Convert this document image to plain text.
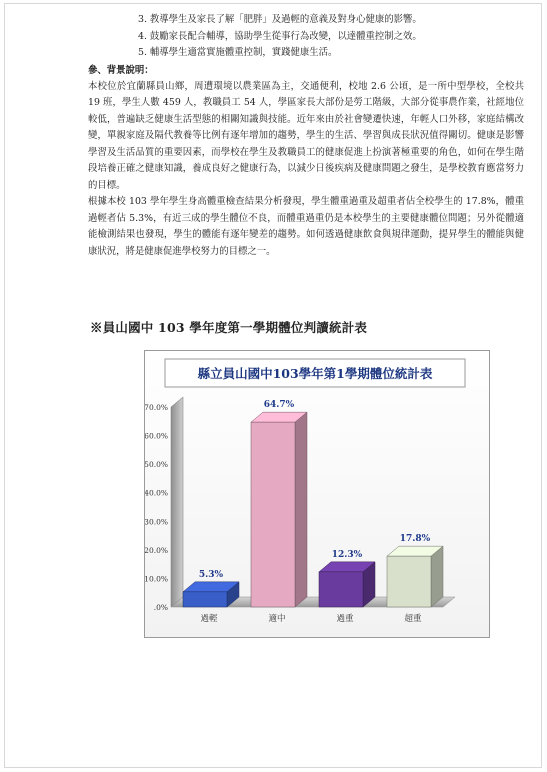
3. 教導學生及家長了解「肥胖」及過輕的意義及對身心健康的影響。
4. 鼓勵家長配合輔導，協助學生從事行為改變，以達體重控制之效。
5. 輔導學生適當實施體重控制，實踐健康生活。
參、背景說明：
本校位於宜蘭縣員山鄉，周遭環境以農業區為主，交通便利，校地 2.6 公頃，是一所中型學校，全校共 19 班，學生人數 459 人，教職員工 54 人，學區家長大部份是勞工階級，大部分從事農作業，社經地位較低，普遍缺乏健康生活型態的相關知識與技能。近年來由於社會變遷快速，年輕人口外移，家庭結構改變，單親家庭及隔代教養等比例有逐年增加的趨勢，學生的生活、學習與成長狀況值得關切。健康是影響學習及生活品質的重要因素，而學校在學生及教職員工的健康促進上扮演著極重要的角色，如何在學生階段培養正確之健康知識，養成良好之健康行為，以減少日後疾病及健康問題之發生，是學校教育應當努力的目標。
根據本校 103 學年學生身高體重檢查結果分析發現，學生體重過重及超重者佔全校學生的 17.8%，體重過輕者佔 5.3%，有近三成的學生體位不良，而體重過重仍是本校學生的主要健康體位問題；另外從體適能檢測結果也發現，學生的體能有逐年變差的趨勢。如何透過健康飲食與規律運動，提昇學生的體能與健康狀況，將是健康促進學校努力的目標之一。
※員山國中 103 學年度第一學期體位判讀統計表
縣立員山國中103學年第1學期體位統計表
.0%
10.0%
20.0%
30.0%
40.0%
50.0%
60.0%
70.0%
5.3%
過輕
64.7%
適中
12.3%
過重
17.8%
超重
